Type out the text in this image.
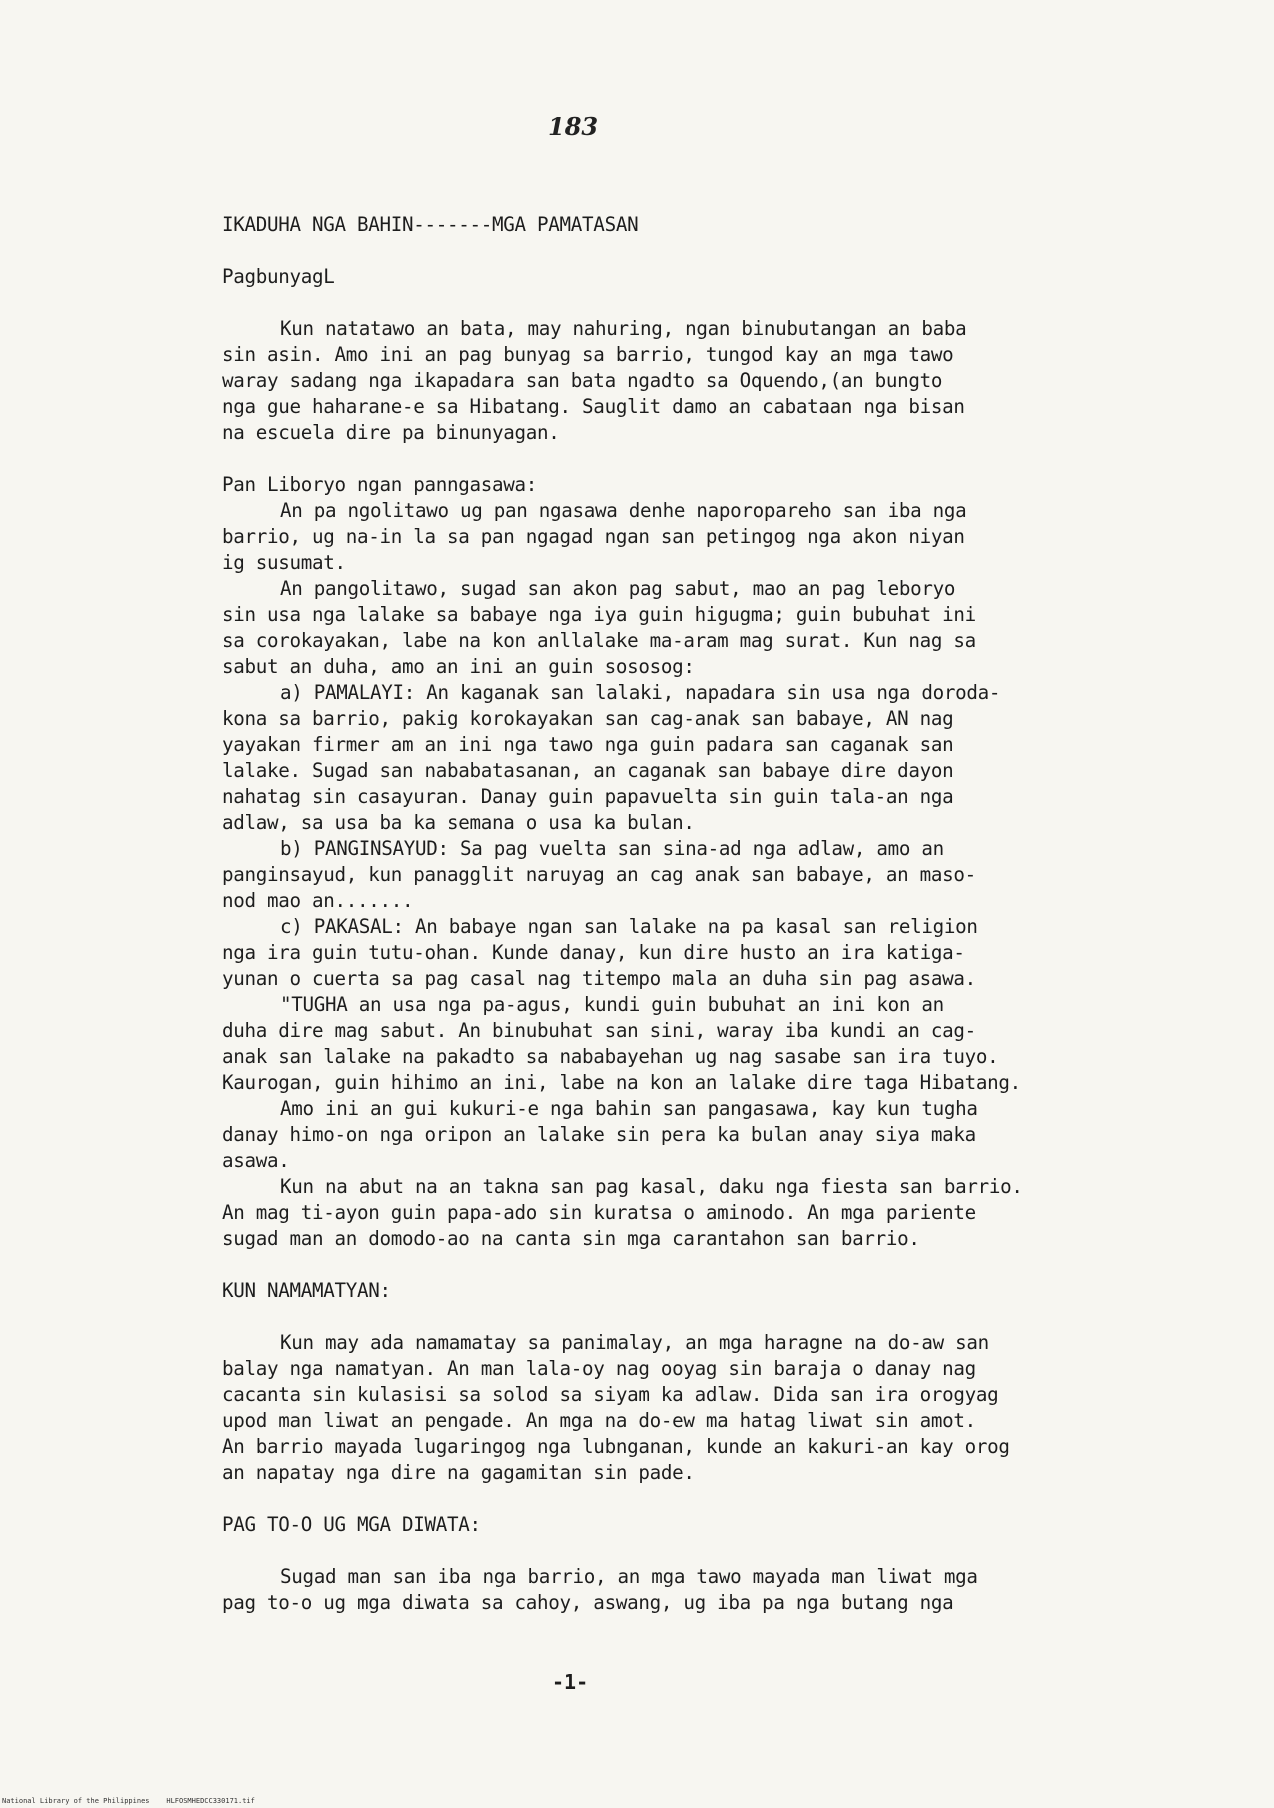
183
IKADUHA NGA BAHIN-------MGA PAMATASAN
PagbunyagL
Kun natatawo an bata, may nahuring, ngan binubutangan an baba
sin asin. Amo ini an pag bunyag sa barrio, tungod kay an mga tawo
waray sadang nga ikapadara san bata ngadto sa Oquendo,(an bungto
nga gue haharane-e sa Hibatang. Sauglit damo an cabataan nga bisan
na escuela dire pa binunyagan.
Pan Liboryo ngan panngasawa:
An pa ngolitawo ug pan ngasawa denhe naporopareho san iba nga
barrio, ug na-in la sa pan ngagad ngan san petingog nga akon niyan
ig susumat.
An pangolitawo, sugad san akon pag sabut, mao an pag leboryo
sin usa nga lalake sa babaye nga iya guin higugma; guin bubuhat ini
sa corokayakan, labe na kon anllalake ma-aram mag surat. Kun nag sa
sabut an duha, amo an ini an guin sososog:
a) PAMALAYI: An kaganak san lalaki, napadara sin usa nga doroda-
kona sa barrio, pakig korokayakan san cag-anak san babaye, AN nag
yayakan firmer am an ini nga tawo nga guin padara san caganak san
lalake. Sugad san nababatasanan, an caganak san babaye dire dayon
nahatag sin casayuran. Danay guin papavuelta sin guin tala-an nga
adlaw, sa usa ba ka semana o usa ka bulan.
b) PANGINSAYUD: Sa pag vuelta san sina-ad nga adlaw, amo an
panginsayud, kun panagglit naruyag an cag anak san babaye, an maso-
nod mao an.......
c) PAKASAL: An babaye ngan san lalake na pa kasal san religion
nga ira guin tutu-ohan. Kunde danay, kun dire husto an ira katiga-
yunan o cuerta sa pag casal nag titempo mala an duha sin pag asawa.
"TUGHA an usa nga pa-agus, kundi guin bubuhat an ini kon an
duha dire mag sabut. An binubuhat san sini, waray iba kundi an cag-
anak san lalake na pakadto sa nababayehan ug nag sasabe san ira tuyo.
Kaurogan, guin hihimo an ini, labe na kon an lalake dire taga Hibatang.
Amo ini an gui kukuri-e nga bahin san pangasawa, kay kun tugha
danay himo-on nga oripon an lalake sin pera ka bulan anay siya maka
asawa.
Kun na abut na an takna san pag kasal, daku nga fiesta san barrio.
An mag ti-ayon guin papa-ado sin kuratsa o aminodo. An mga pariente
sugad man an domodo-ao na canta sin mga carantahon san barrio.
KUN NAMAMATYAN:
Kun may ada namamatay sa panimalay, an mga haragne na do-aw san
balay nga namatyan. An man lala-oy nag ooyag sin baraja o danay nag
cacanta sin kulasisi sa solod sa siyam ka adlaw. Dida san ira orogyag
upod man liwat an pengade. An mga na do-ew ma hatag liwat sin amot.
An barrio mayada lugaringog nga lubnganan, kunde an kakuri-an kay orog
an napatay nga dire na gagamitan sin pade.
PAG TO-O UG MGA DIWATA:
Sugad man san iba nga barrio, an mga tawo mayada man liwat mga
pag to-o ug mga diwata sa cahoy, aswang, ug iba pa nga butang nga
-1-
National Library of the Philippines    HLFOSMHEDCC330171.tif
